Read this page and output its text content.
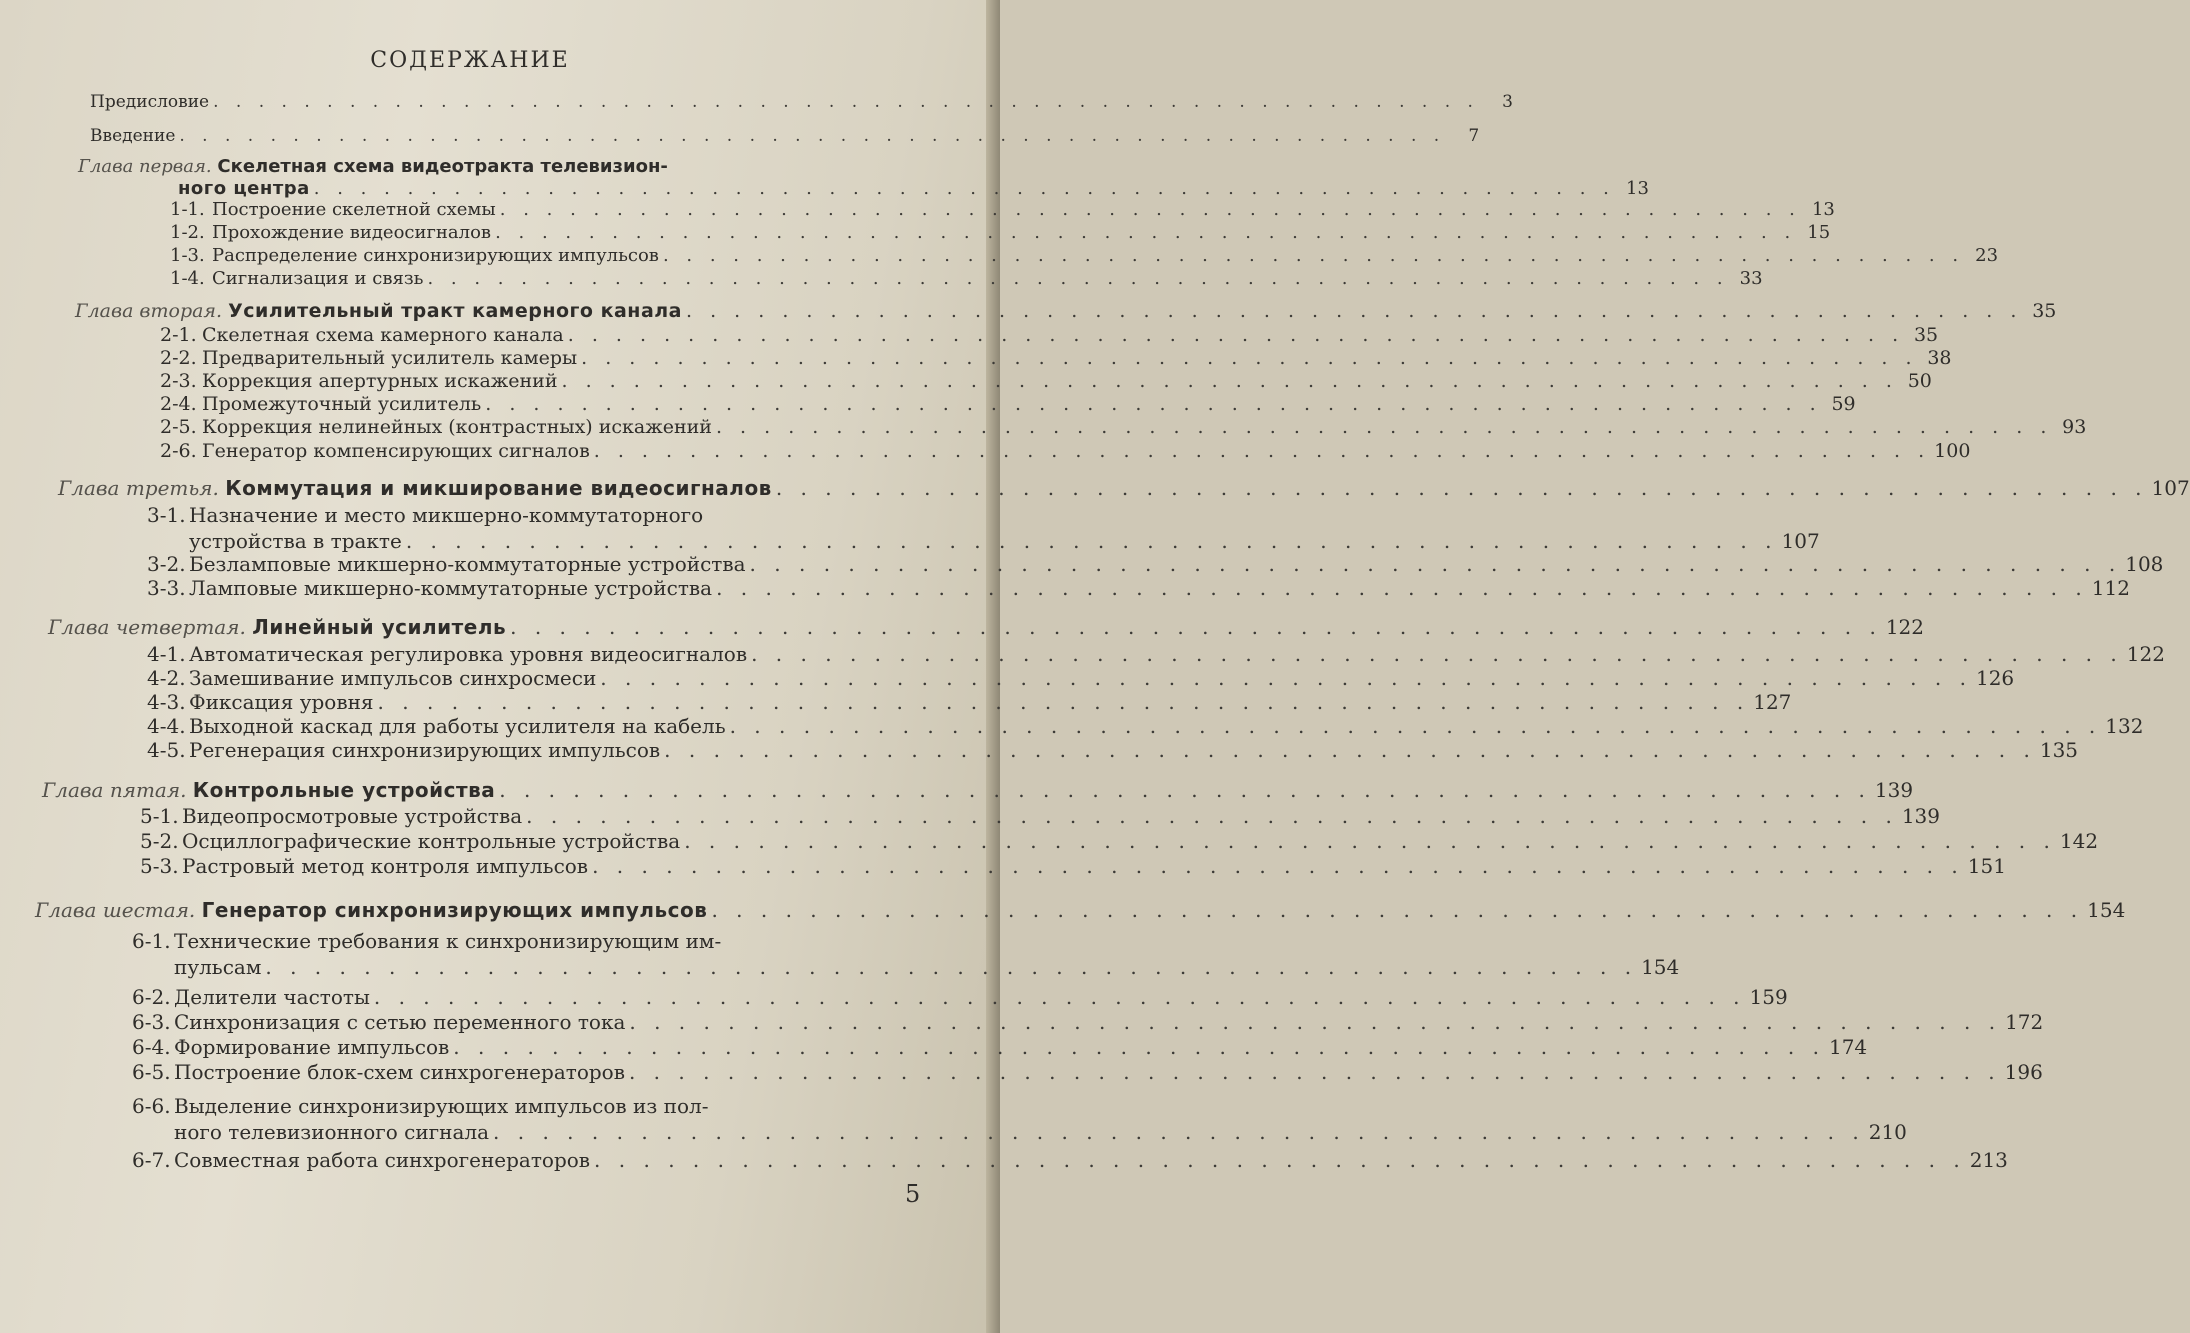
СОДЕРЖАНИЕ
Предисловие . . . . . . . . . . . . . . . . . . . . . . . . . . . . . . . . . . . . . . . . . . . . . . . . . . . . . . . .	3
Введение . . . . . . . . . . . . . . . . . . . . . . . . . . . . . . . . . . . . . . . . . . . . . . . . . . . . . . . .	7
Глава первая. Скелетная схема видеотракта телевизион-
ного центра . . . . . . . . . . . . . . . . . . . . . . . . . . . . . . . . . . . . . . . . . . . . . . . . . . . . . . . . 13
1-1. Построение скелетной схемы . . . . . . . . . . . . . . . . . . . . . . . . . . . . . . . . . . . . . . . . . . . . . . . . . . . . . . . . 13
1-2. Прохождение видеосигналов . . . . . . . . . . . . . . . . . . . . . . . . . . . . . . . . . . . . . . . . . . . . . . . . . . . . . . . . 15
1-3. Распределение синхронизирующих импульсов . . . . . . . . . . . . . . . . . . . . . . . . . . . . . . . . . . . . . . . . . . . . . . . . . . . . . . . . 23
1-4. Сигнализация и связь . . . . . . . . . . . . . . . . . . . . . . . . . . . . . . . . . . . . . . . . . . . . . . . . . . . . . . . . 33
Глава вторая. Усилительный тракт камерного канала . . . . . . . . . . . . . . . . . . . . . . . . . . . . . . . . . . . . . . . . . . . . . . . . . . . . . . . . 35
2-1. Скелетная схема камерного канала . . . . . . . . . . . . . . . . . . . . . . . . . . . . . . . . . . . . . . . . . . . . . . . . . . . . . . . . 35
2-2. Предварительный усилитель камеры . . . . . . . . . . . . . . . . . . . . . . . . . . . . . . . . . . . . . . . . . . . . . . . . . . . . . . . . 38
2-3. Коррекция апертурных искажений . . . . . . . . . . . . . . . . . . . . . . . . . . . . . . . . . . . . . . . . . . . . . . . . . . . . . . . . 50
2-4. Промежуточный усилитель . . . . . . . . . . . . . . . . . . . . . . . . . . . . . . . . . . . . . . . . . . . . . . . . . . . . . . . . 59
2-5. Коррекция нелинейных (контрастных) искажений . . . . . . . . . . . . . . . . . . . . . . . . . . . . . . . . . . . . . . . . . . . . . . . . . . . . . . . . 93
2-6. Генератор компенсирующих сигналов . . . . . . . . . . . . . . . . . . . . . . . . . . . . . . . . . . . . . . . . . . . . . . . . . . . . . . . . 100
Глава третья. Коммутация и микширование видеосигналов . . . . . . . . . . . . . . . . . . . . . . . . . . . . . . . . . . . . . . . . . . . . . . . . . . . . . . . . 107
3-1. Назначение и место микшерно-коммутаторного
устройства в тракте . . . . . . . . . . . . . . . . . . . . . . . . . . . . . . . . . . . . . . . . . . . . . . . . . . . . . . . . 107
3-2. Безламповые микшерно-коммутаторные устройства . . . . . . . . . . . . . . . . . . . . . . . . . . . . . . . . . . . . . . . . . . . . . . . . . . . . . . . . 108
3-3. Ламповые микшерно-коммутаторные устройства . . . . . . . . . . . . . . . . . . . . . . . . . . . . . . . . . . . . . . . . . . . . . . . . . . . . . . . . 112
Глава четвертая. Линейный усилитель . . . . . . . . . . . . . . . . . . . . . . . . . . . . . . . . . . . . . . . . . . . . . . . . . . . . . . . . 122
4-1. Автоматическая регулировка уровня видеосигналов . . . . . . . . . . . . . . . . . . . . . . . . . . . . . . . . . . . . . . . . . . . . . . . . . . . . . . . . 122
4-2. Замешивание импульсов синхросмеси . . . . . . . . . . . . . . . . . . . . . . . . . . . . . . . . . . . . . . . . . . . . . . . . . . . . . . . . 126
4-3. Фиксация уровня . . . . . . . . . . . . . . . . . . . . . . . . . . . . . . . . . . . . . . . . . . . . . . . . . . . . . . . . 127
4-4. Выходной каскад для работы усилителя на кабель . . . . . . . . . . . . . . . . . . . . . . . . . . . . . . . . . . . . . . . . . . . . . . . . . . . . . . . . 132
4-5. Регенерация синхронизирующих импульсов . . . . . . . . . . . . . . . . . . . . . . . . . . . . . . . . . . . . . . . . . . . . . . . . . . . . . . . . 135
Глава пятая. Контрольные устройства . . . . . . . . . . . . . . . . . . . . . . . . . . . . . . . . . . . . . . . . . . . . . . . . . . . . . . . . 139
5-1. Видеопросмотровые устройства . . . . . . . . . . . . . . . . . . . . . . . . . . . . . . . . . . . . . . . . . . . . . . . . . . . . . . . . 139
5-2. Осциллографические контрольные устройства . . . . . . . . . . . . . . . . . . . . . . . . . . . . . . . . . . . . . . . . . . . . . . . . . . . . . . . . 142
5-3. Растровый метод контроля импульсов . . . . . . . . . . . . . . . . . . . . . . . . . . . . . . . . . . . . . . . . . . . . . . . . . . . . . . . . 151
Глава шестая. Генератор синхронизирующих импульсов . . . . . . . . . . . . . . . . . . . . . . . . . . . . . . . . . . . . . . . . . . . . . . . . . . . . . . . . 154
6-1. Технические требования к синхронизирующим им-
пульсам . . . . . . . . . . . . . . . . . . . . . . . . . . . . . . . . . . . . . . . . . . . . . . . . . . . . . . . . 154
6-2. Делители частоты . . . . . . . . . . . . . . . . . . . . . . . . . . . . . . . . . . . . . . . . . . . . . . . . . . . . . . . . 159
6-3. Синхронизация с сетью переменного тока . . . . . . . . . . . . . . . . . . . . . . . . . . . . . . . . . . . . . . . . . . . . . . . . . . . . . . . . 172
6-4. Формирование импульсов . . . . . . . . . . . . . . . . . . . . . . . . . . . . . . . . . . . . . . . . . . . . . . . . . . . . . . . . 174
6-5. Построение блок-схем синхрогенераторов . . . . . . . . . . . . . . . . . . . . . . . . . . . . . . . . . . . . . . . . . . . . . . . . . . . . . . . . 196
6-6. Выделение синхронизирующих импульсов из пол-
ного телевизионного сигнала . . . . . . . . . . . . . . . . . . . . . . . . . . . . . . . . . . . . . . . . . . . . . . . . . . . . . . . . 210
6-7. Совместная работа синхрогенераторов . . . . . . . . . . . . . . . . . . . . . . . . . . . . . . . . . . . . . . . . . . . . . . . . . . . . . . . . 213
5
